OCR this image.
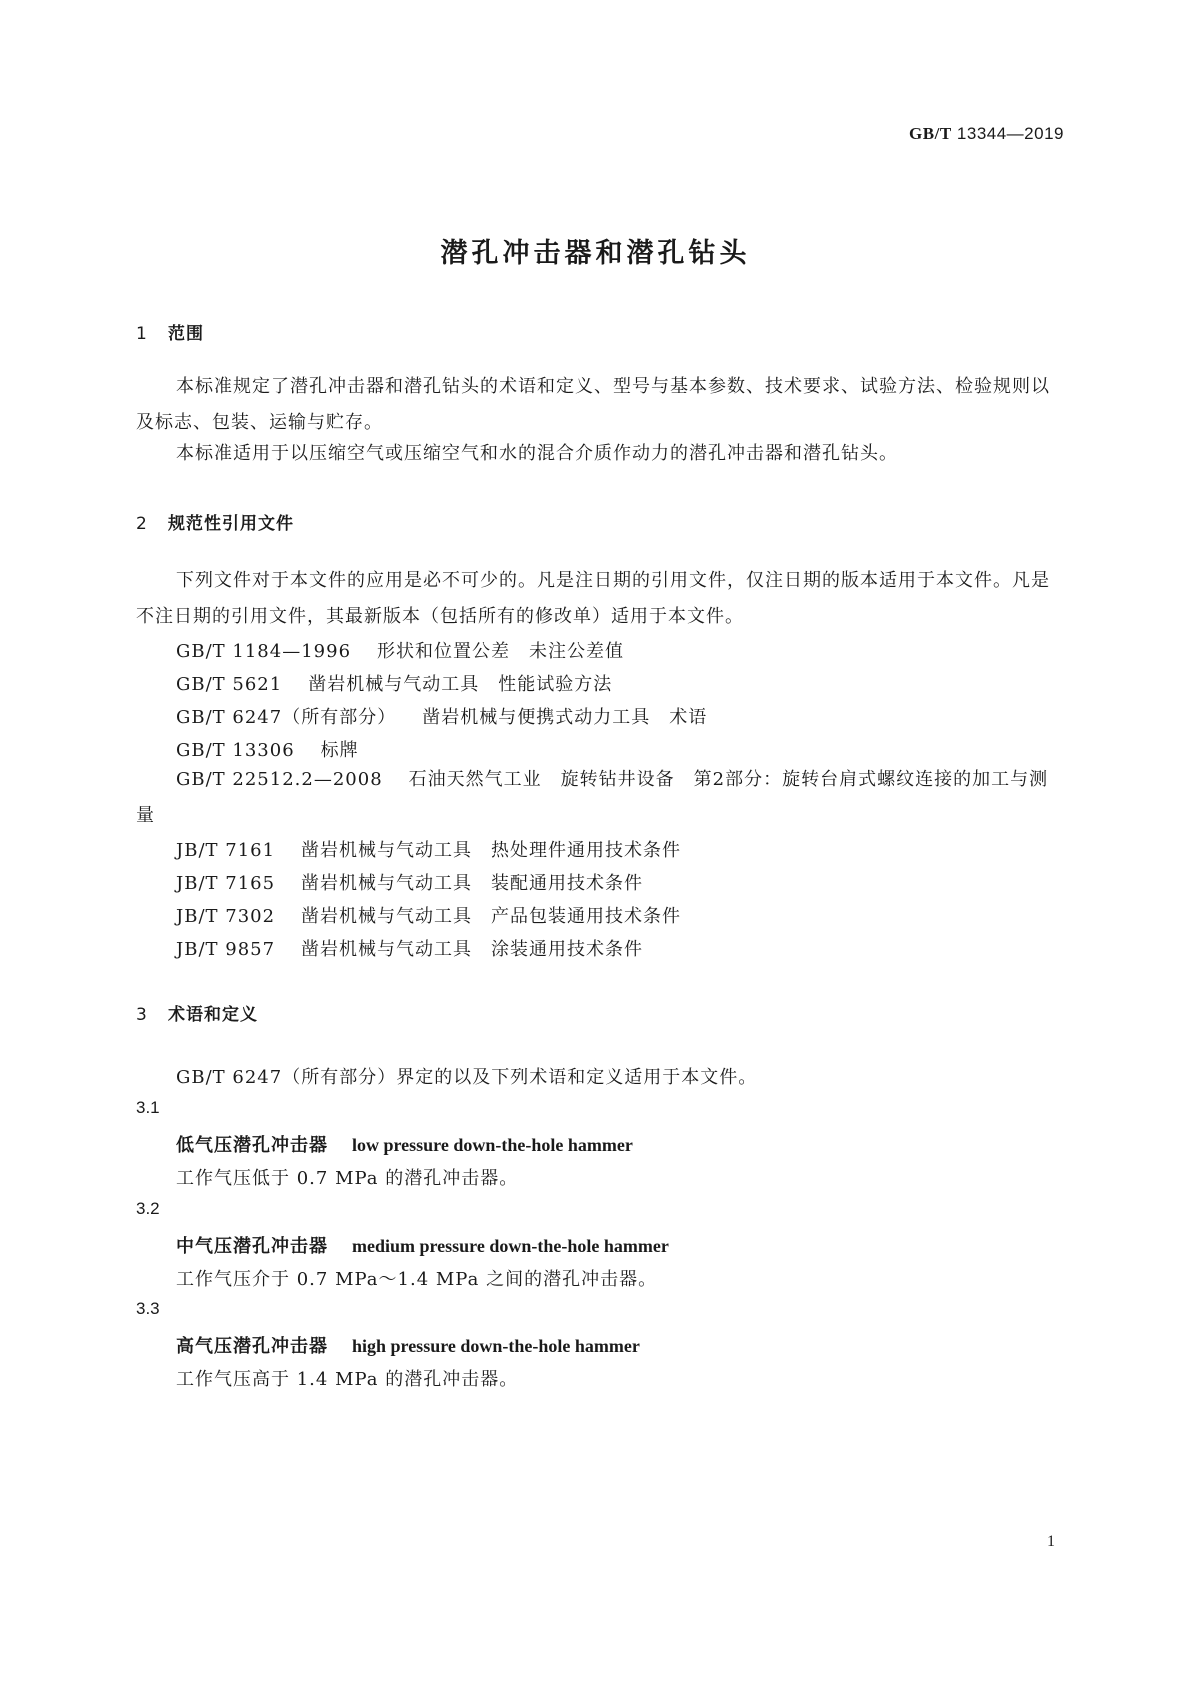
GB/T 13344—2019
潜孔冲击器和潜孔钻头
1 范围

本标准规定了潜孔冲击器和潜孔钻头的术语和定义、型号与基本参数、技术要求、试验方法、检验规则以及标志、包装、运输与贮存。

本标准适用于以压缩空气或压缩空气和水的混合介质作动力的潜孔冲击器和潜孔钻头。

2 规范性引用文件

下列文件对于本文件的应用是必不可少的。凡是注日期的引用文件，仅注日期的版本适用于本文件。凡是不注日期的引用文件，其最新版本（包括所有的修改单）适用于本文件。

GB/T 1184—1996 形状和位置公差　未注公差值
GB/T 5621 凿岩机械与气动工具　性能试验方法
GB/T 6247（所有部分） 凿岩机械与便携式动力工具　术语
GB/T 13306 标牌

GB/T 22512.2—2008 石油天然气工业　旋转钻井设备　第2部分：旋转台肩式螺纹连接的加工与测量

JB/T 7161 凿岩机械与气动工具　热处理件通用技术条件
JB/T 7165 凿岩机械与气动工具　装配通用技术条件
JB/T 7302 凿岩机械与气动工具　产品包装通用技术条件
JB/T 9857 凿岩机械与气动工具　涂装通用技术条件
3 术语和定义
GB/T 6247（所有部分）界定的以及下列术语和定义适用于本文件。
3.1
低气压潜孔冲击器 low pressure down-the-hole hammer
工作气压低于 0.7 MPa 的潜孔冲击器。
3.2
中气压潜孔冲击器 medium pressure down-the-hole hammer
工作气压介于 0.7 MPa～1.4 MPa 之间的潜孔冲击器。
3.3
高气压潜孔冲击器 high pressure down-the-hole hammer
工作气压高于 1.4 MPa 的潜孔冲击器。
1
